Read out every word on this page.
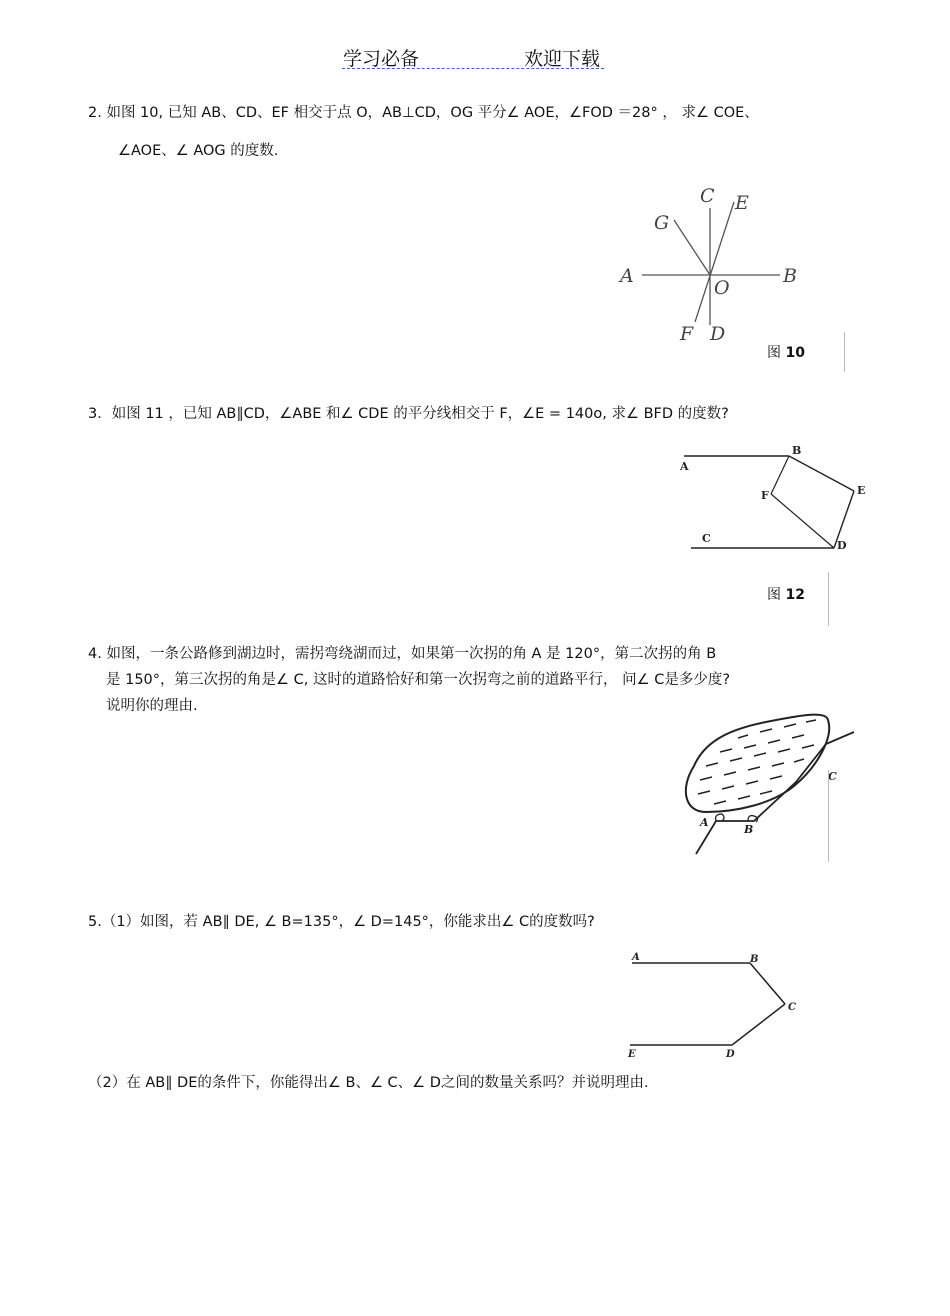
学习必备	欢迎下载
2. 如图 10, 已知 AB、CD、EF 相交于点 O，AB⊥CD，OG 平分∠ AOE，∠FOD ＝28° ， 求∠ COE、
∠AOE、∠ AOG 的度数.
A	B
C E
G
O
F D
图 10
3．如图 11 ，已知 AB∥CD，∠ABE 和∠ CDE 的平分线相交于 F，∠E = 140o, 求∠ BFD 的度数?
A
B
E
F
C
D
图 12
4. 如图，一条公路修到湖边时，需拐弯绕湖而过，如果第一次拐的角 A 是 120°，第二次拐的角 B
是 150°，第三次拐的角是∠ C, 这时的道路恰好和第一次拐弯之前的道路平行， 问∠ C是多少度?
说明你的理由.
A
B
C
5.（1）如图，若 AB∥ DE, ∠ B=135°，∠ D=145°，你能求出∠ C的度数吗?
A	B
C
E	D
（2）在 AB∥ DE的条件下，你能得出∠ B、∠ C、∠ D之间的数量关系吗？并说明理由.
